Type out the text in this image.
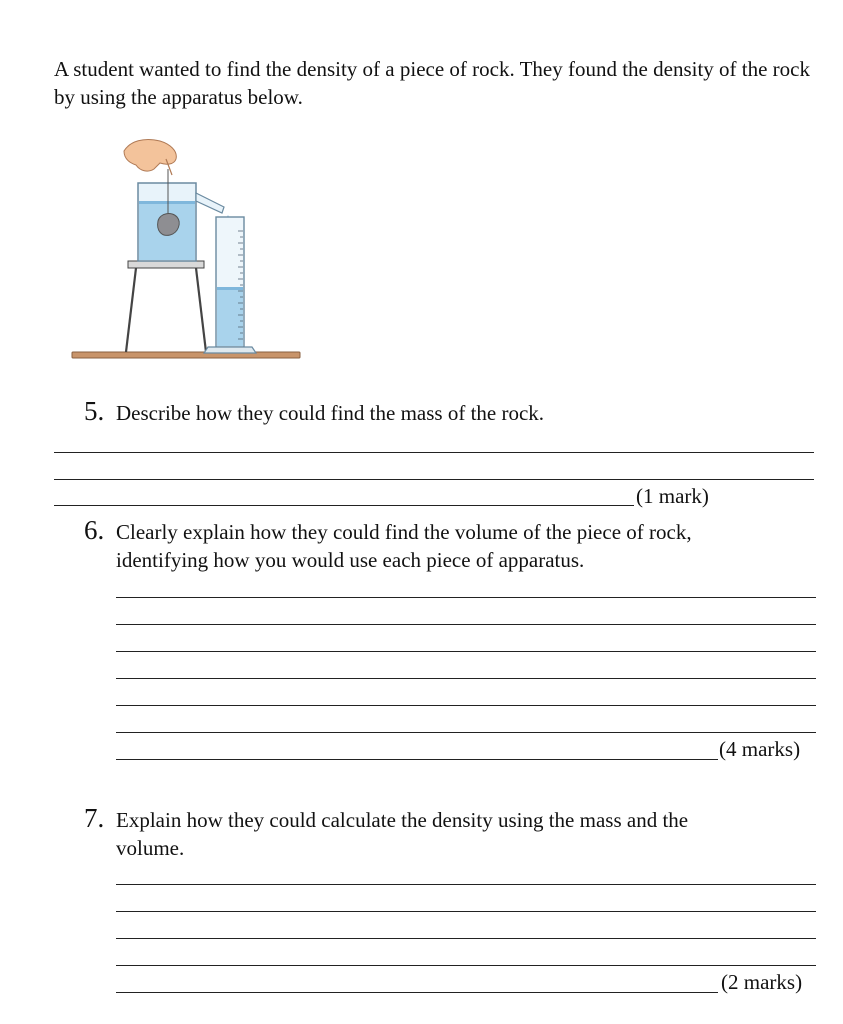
A student wanted to find the density of a piece of rock. They found the density of the rock by using the apparatus below.

5. Describe how they could find the mass of the rock.
(1 mark)
6. Clearly explain how they could find the volume of the piece of rock,
identifying how you would use each piece of apparatus.
(4 marks)
7. Explain how they could calculate the density using the mass and the
volume.
(2 marks)
